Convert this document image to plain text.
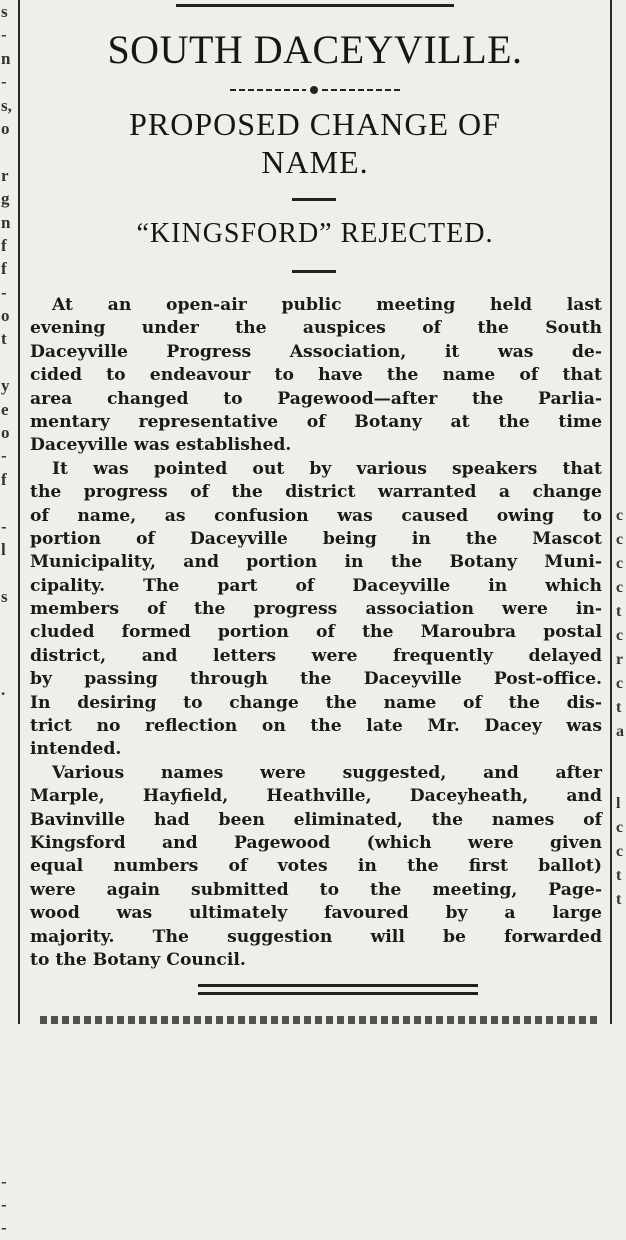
s
-
n
-
s,
o
r
g
n
f
f
-
o
t
y
e
o
-
f
-
l
s
.
-
-
-
c
c
c
c
t
c
r
c
t
a
l
c
c
t
t
SOUTH DACEYVILLE.
PROPOSED CHANGE OF
NAME.
“KINGSFORD” REJECTED.
At an open-air public meeting held last
evening under the auspices of the South
Daceyville Progress Association, it was de-
cided to endeavour to have the name of that
area changed to Pagewood—after the Parlia-
mentary representative of Botany at the time
Daceyville was established.
It was pointed out by various speakers that
the progress of the district warranted a change
of name, as confusion was caused owing to
portion of Daceyville being in the Mascot
Municipality, and portion in the Botany Muni-
cipality. The part of Daceyville in which
members of the progress association were in-
cluded formed portion of the Maroubra postal
district, and letters were frequently delayed
by passing through the Daceyville Post-office.
In desiring to change the name of the dis-
trict no reflection on the late Mr. Dacey was
intended.
Various names were suggested, and after
Marple, Hayfield, Heathville, Daceyheath, and
Bavinville had been eliminated, the names of
Kingsford and Pagewood (which were given
equal numbers of votes in the first ballot)
were again submitted to the meeting, Page-
wood was ultimately favoured by a large
majority. The suggestion will be forwarded
to the Botany Council.
